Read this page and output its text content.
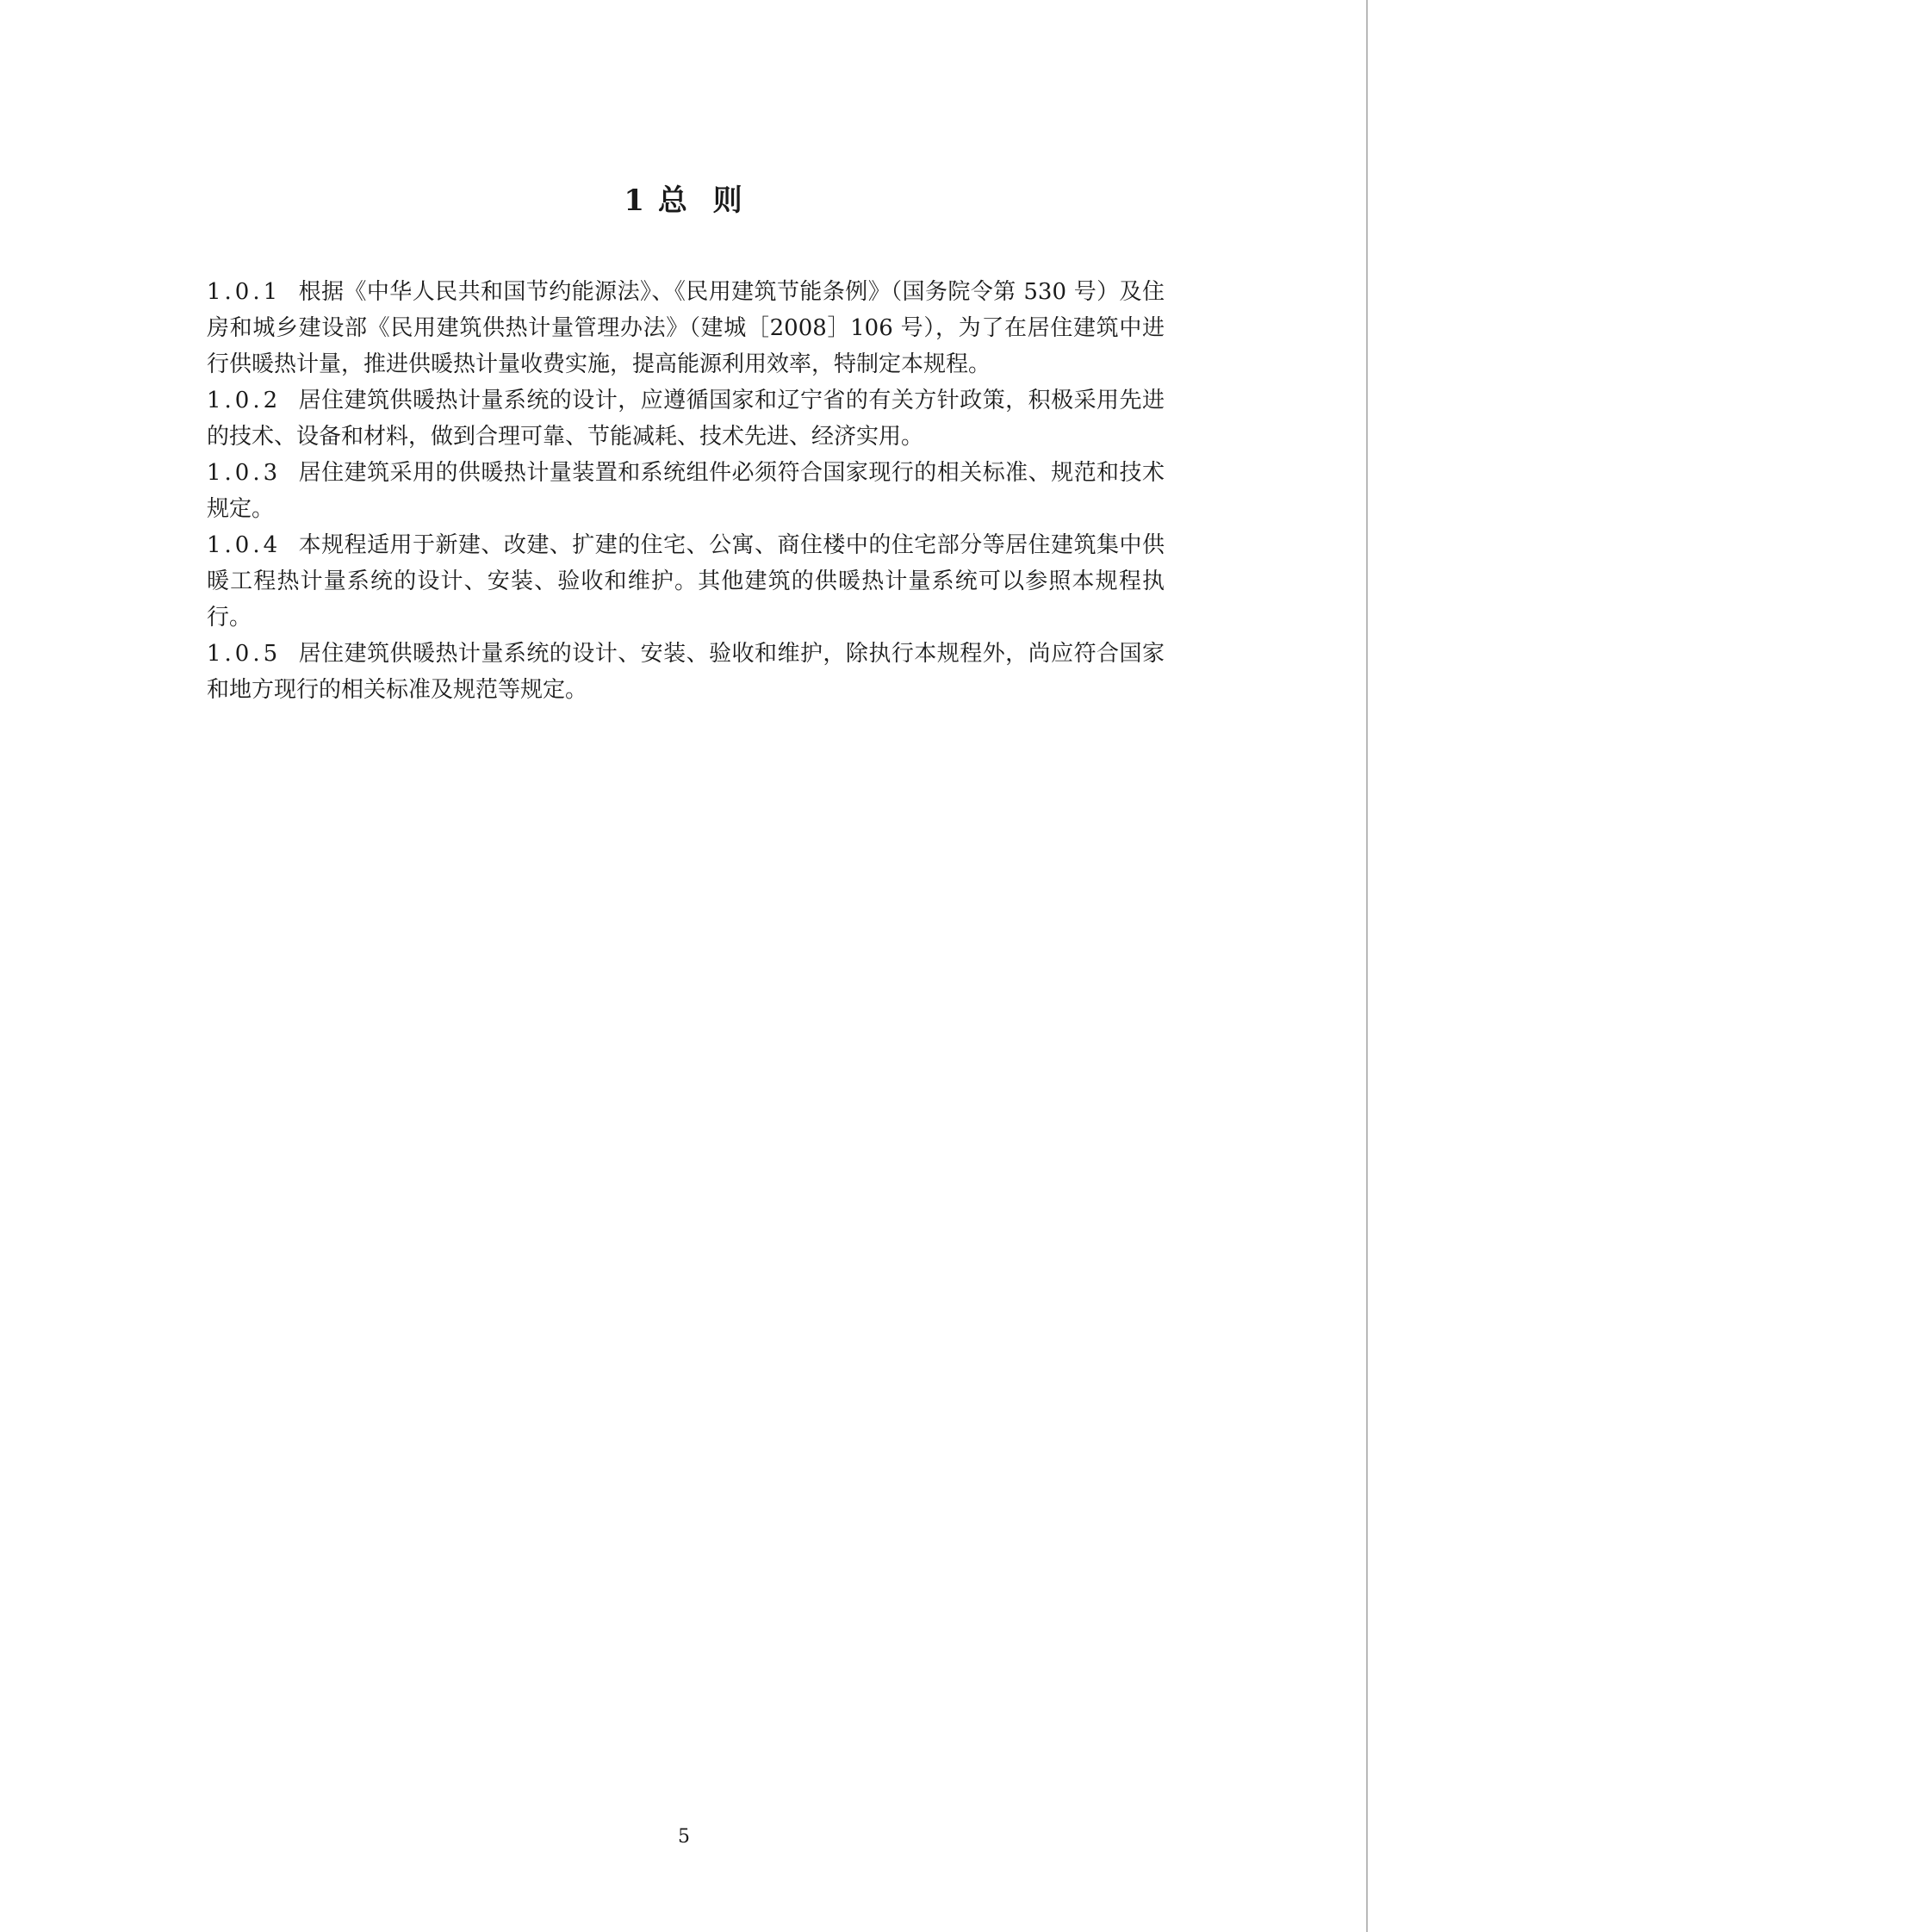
1 总  则

1.0.1 根据《中华人民共和国节约能源法》、《民用建筑节能条例》（国务院令第 530 号）及住房和城乡建设部《民用建筑供热计量管理办法》（建城［2008］106 号），为了在居住建筑中进行供暖热计量，推进供暖热计量收费实施，提高能源利用效率，特制定本规程。

1.0.2 居住建筑供暖热计量系统的设计，应遵循国家和辽宁省的有关方针政策，积极采用先进的技术、设备和材料，做到合理可靠、节能减耗、技术先进、经济实用。

1.0.3 居住建筑采用的供暖热计量装置和系统组件必须符合国家现行的相关标准、规范和技术规定。

1.0.4 本规程适用于新建、改建、扩建的住宅、公寓、商住楼中的住宅部分等居住建筑集中供暖工程热计量系统的设计、安装、验收和维护。其他建筑的供暖热计量系统可以参照本规程执行。

1.0.5 居住建筑供暖热计量系统的设计、安装、验收和维护，除执行本规程外，尚应符合国家和地方现行的相关标准及规范等规定。

5
